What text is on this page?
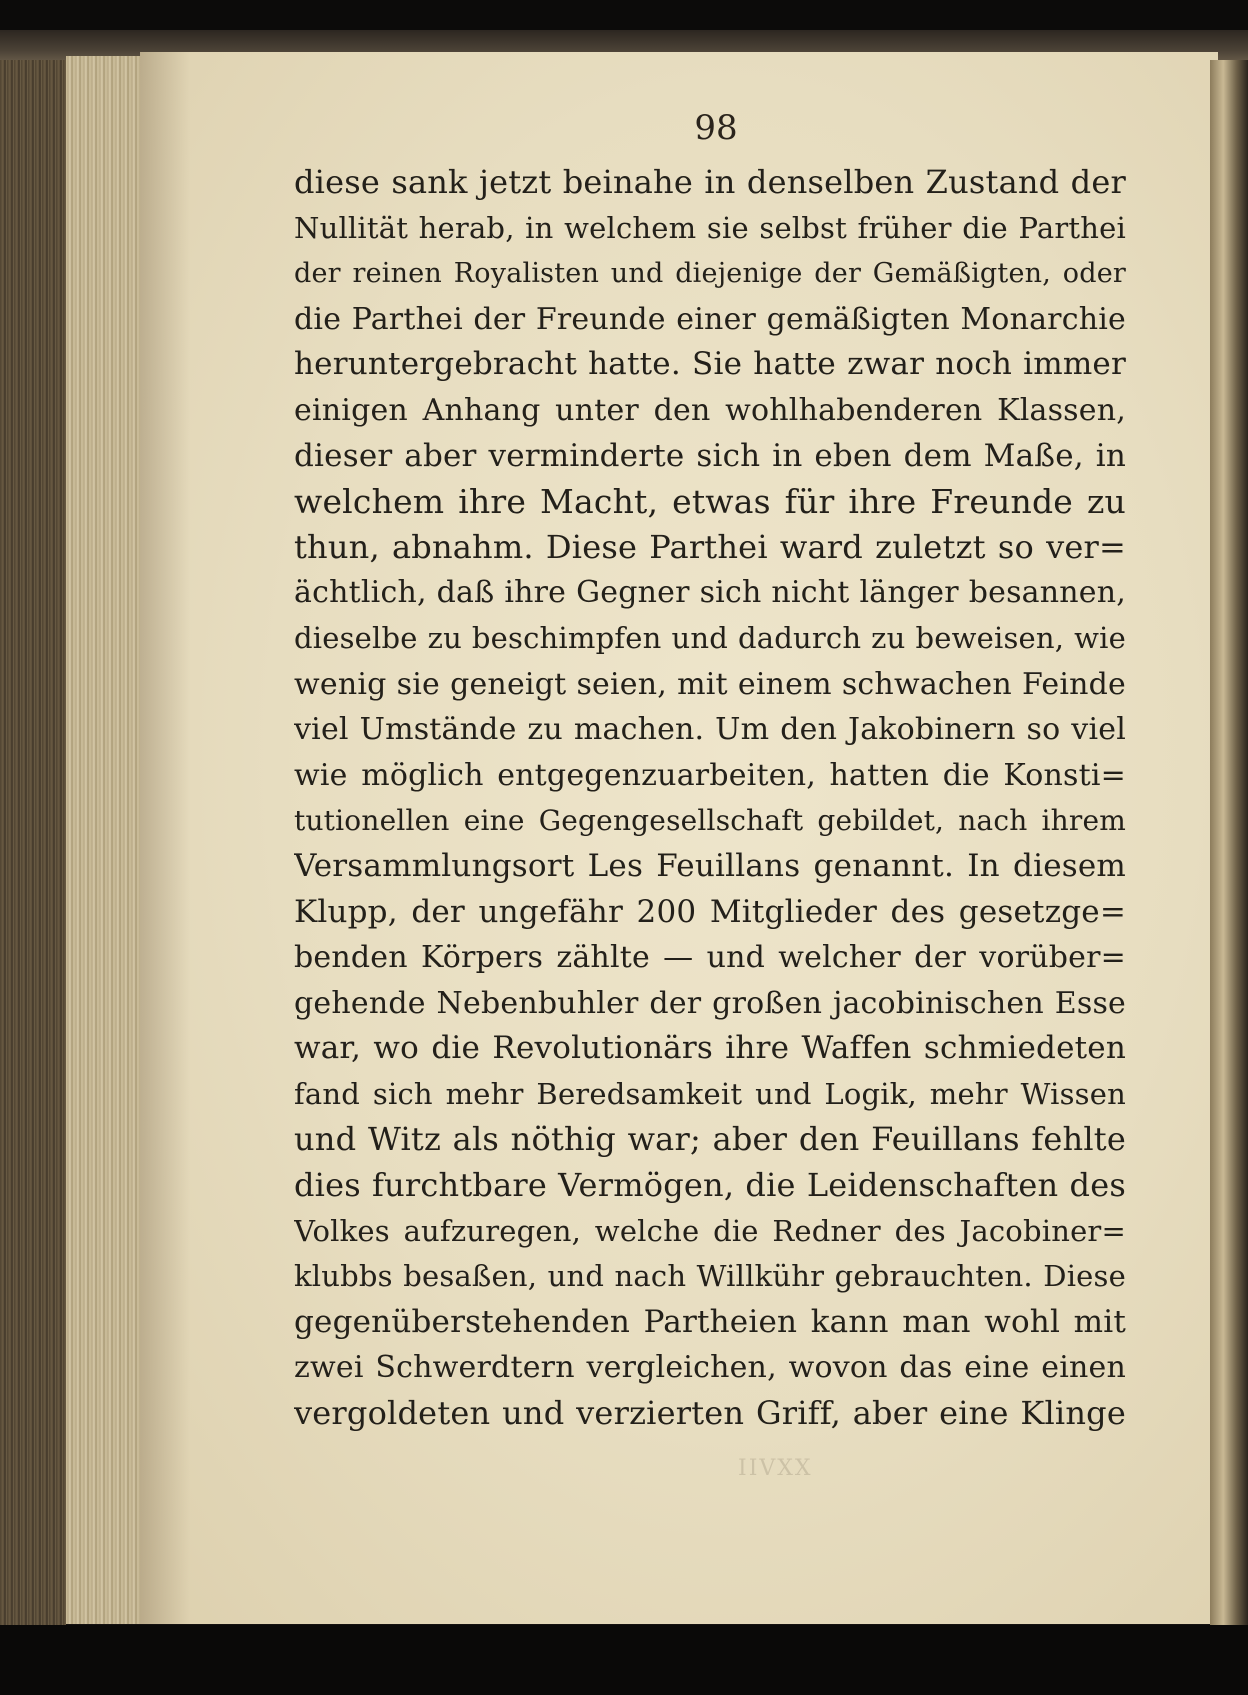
98
diese sank jetzt beinahe in denselben Zustand der
Nullität herab, in welchem sie selbst früher die Parthei
der reinen Royalisten und diejenige der Gemäßigten, oder
die Parthei der Freunde einer gemäßigten Monarchie
heruntergebracht hatte. Sie hatte zwar noch immer
einigen Anhang unter den wohlhabenderen Klassen,
dieser aber verminderte sich in eben dem Maße, in
welchem ihre Macht, etwas für ihre Freunde zu
thun, abnahm. Diese Parthei ward zuletzt so ver=
ächtlich, daß ihre Gegner sich nicht länger besannen,
dieselbe zu beschimpfen und dadurch zu beweisen, wie
wenig sie geneigt seien, mit einem schwachen Feinde
viel Umstände zu machen. Um den Jakobinern so viel
wie möglich entgegenzuarbeiten, hatten die Konsti=
tutionellen eine Gegengesellschaft gebildet, nach ihrem
Versammlungsort Les Feuillans genannt. In diesem
Klupp, der ungefähr 200 Mitglieder des gesetzge=
benden Körpers zählte — und welcher der vorüber=
gehende Nebenbuhler der großen jacobinischen Esse
war, wo die Revolutionärs ihre Waffen schmiedeten
fand sich mehr Beredsamkeit und Logik, mehr Wissen
und Witz als nöthig war; aber den Feuillans fehlte
dies furchtbare Vermögen, die Leidenschaften des
Volkes aufzuregen, welche die Redner des Jacobiner=
klubbs besaßen, und nach Willkühr gebrauchten. Diese
gegenüberstehenden Partheien kann man wohl mit
zwei Schwerdtern vergleichen, wovon das eine einen
vergoldeten und verzierten Griff, aber eine Klinge
IIVXX
